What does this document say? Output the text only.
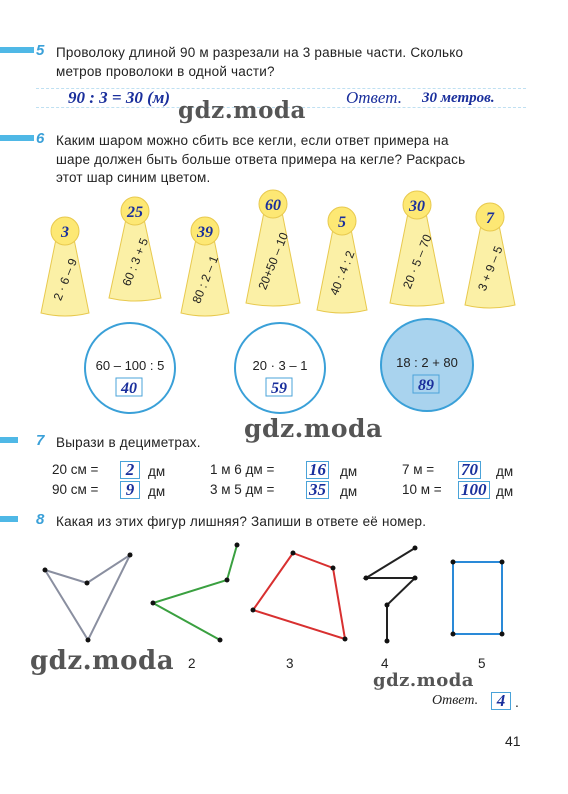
5 Проволоку длиной 90 м разрезали на 3 равные части. Сколько
метров проволоки в одной части?
90 : 3 = 30 (м)	Ответ. 30 метров.
gdz.moda
6 Каким шаром можно сбить все кегли, если ответ примера на
шаре должен быть больше ответа примера на кегле? Раскрась
этот шар синим цветом.
3
2 · 6 – 9
25
60 : 3 + 5
39
80 : 2 – 1
60
20+50 – 10
5
40 : 4 : 2
30
20 · 5 – 70
7
3 + 9 – 5
60 – 100 : 5
40
20 · 3 – 1
59
18 : 2 + 80
89
7 Вырази в дециметрах. gdz.moda
20 см =	2	дм	1 м 6 дм = 16 дм	7 м = 70 дм
90 см =	9	дм	3 м 5 дм = 35 дм	10 м = 100 дм
8 Какая из этих фигур лишняя? Запиши в ответе её номер.
gdz.moda 2	3	4	5
gdz.moda
Ответ.	4 .
41
